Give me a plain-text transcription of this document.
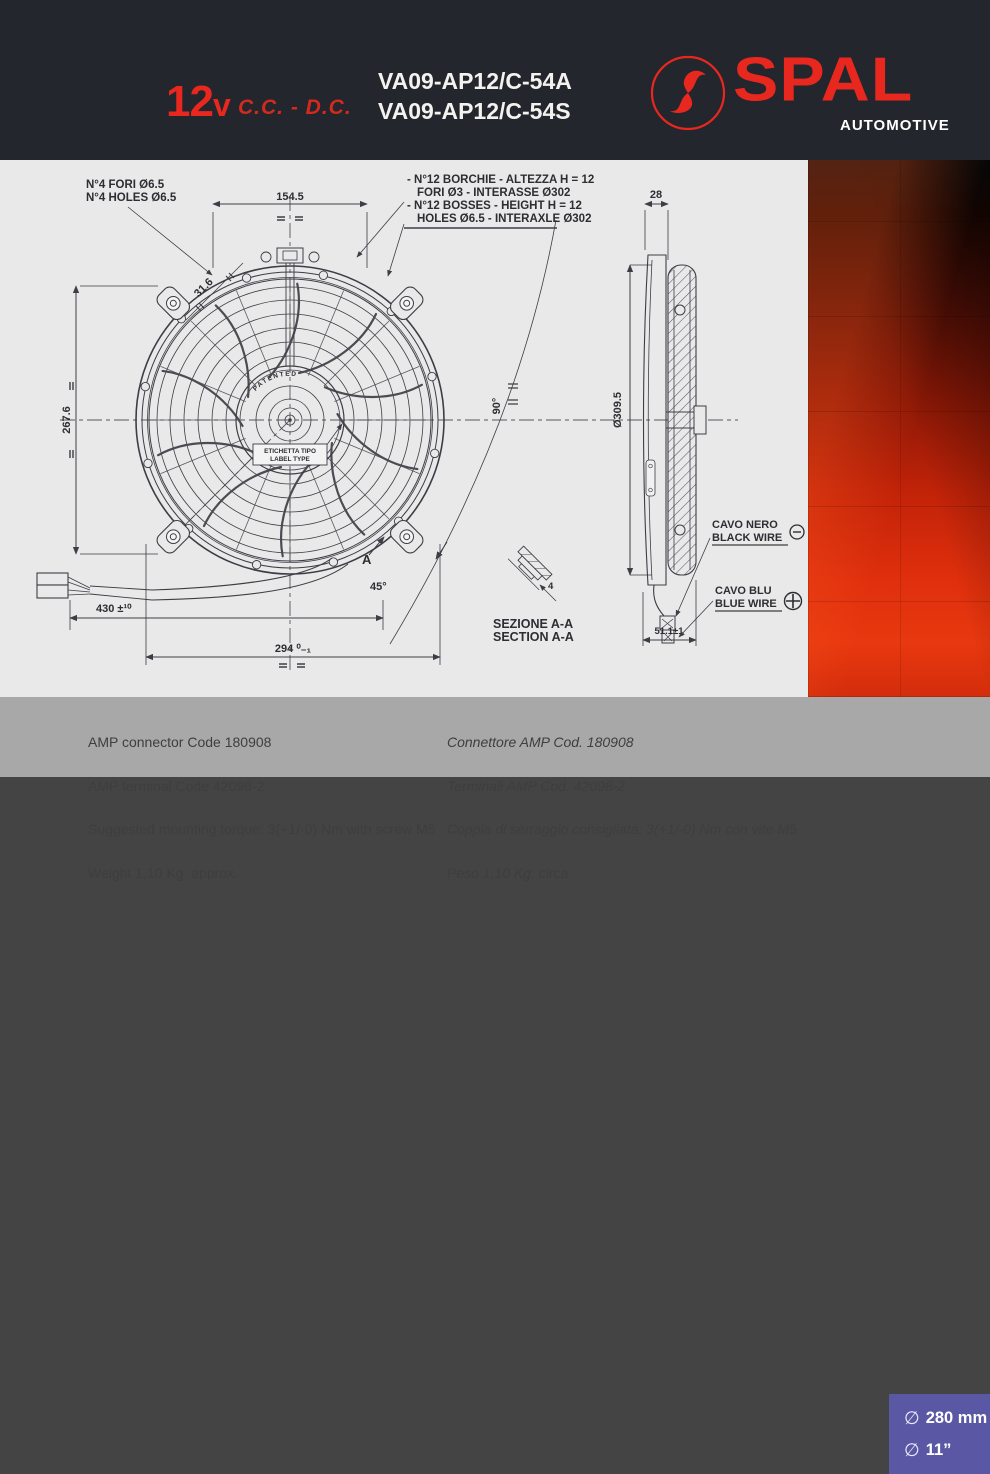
12v C.C. - D.C.
VA09-AP12/C-54A
VA09-AP12/C-54S SPAL
AUTOMOTIVE
PATENTED
ETICHETTA TIPO
LABEL TYPE
154.5
N°4 FORI Ø6.5
N°4 HOLES Ø6.5
31.6
267.6
- N°12 BORCHIE - ALTEZZA H = 12
FORI Ø3 - INTERASSE Ø302
- N°12 BOSSES - HEIGHT H = 12
HOLES Ø6.5 - INTERAXLE Ø302
90°
45°
A
430 ±¹⁰
294 ⁰₋₁
28
Ø309.5
51.1±1
CAVO NERO
BLACK WIRE
CAVO BLU
BLUE WIRE
4
SEZIONE A-A
SECTION A-A

AMP connector Code 180908

AMP terminal Code 42098-2

Suggested mounting torque: 3(+1/-0) Nm with screw M5

Weight 1,10 Kg. approx.

Connettore AMP Cod. 180908

Terminali AMP Cod. 42098-2

Coppia di serraggio consigliata: 3(+1/-0) Nm con vite M5

Peso 1,10 Kg. circa

∅ 280 mm
∅ 11”
